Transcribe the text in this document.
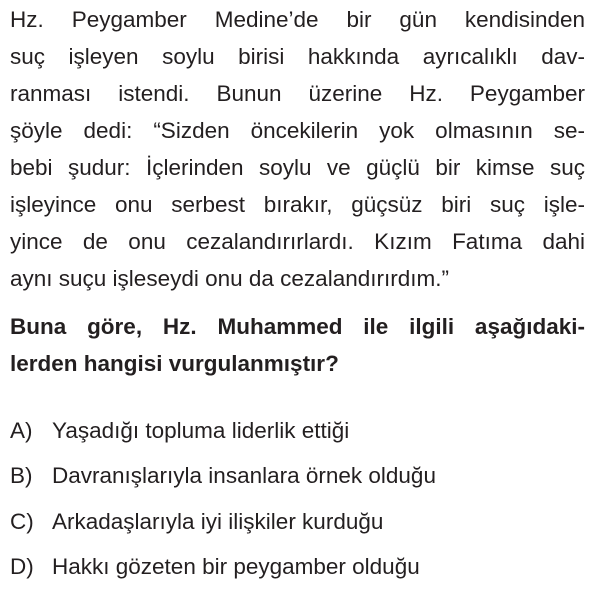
Hz. Peygamber Medine’de bir gün kendisinden
suç işleyen soylu birisi hakkında ayrıcalıklı dav-
ranması istendi. Bunun üzerine Hz. Peygamber
şöyle dedi: “Sizden öncekilerin yok olmasının se-
bebi şudur: İçlerinden soylu ve güçlü bir kimse suç
işleyince onu serbest bırakır, güçsüz biri suç işle-
yince de onu cezalandırırlardı. Kızım Fatıma dahi
aynı suçu işleseydi onu da cezalandırırdım.”
Buna göre, Hz. Muhammed ile ilgili aşağıdaki-
lerden hangisi vurgulanmıştır?
A) Yaşadığı topluma liderlik ettiği
B) Davranışlarıyla insanlara örnek olduğu
C) Arkadaşlarıyla iyi ilişkiler kurduğu
D) Hakkı gözeten bir peygamber olduğu
